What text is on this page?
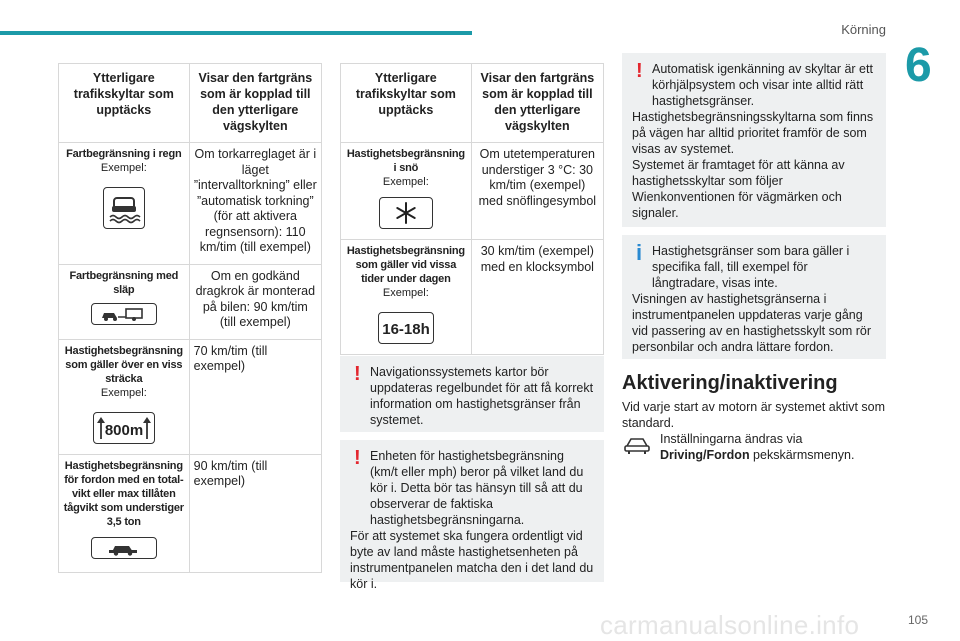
Körning
6
Ytterligare trafikskyltar som upptäcks	Visar den fartgräns som är kopplad till den ytterligare vägskylten

Fartbegränsning i regn
Exempel:	Om torkarreglaget är i läget ”intervalltorkning” eller ”automatisk torkning” (för att aktivera regnsensorn): 110 km/tim (till exempel)

Fartbegränsning med släp	Om en godkänd dragkrok är monterad på bilen: 90 km/tim (till exempel)

Hastighetsbegränsning som gäller över en viss sträcka
Exempel:
800m	70 km/tim (till exempel)

Hastighetsbegränsning för fordon med en total- vikt eller max tillåten tågvikt som understiger 3,5 ton	90 km/tim (till exempel)
Ytterligare trafikskyltar som upptäcks	Visar den fartgräns som är kopplad till den ytterligare vägskylten

Hastighetsbegränsning i snö
Exempel:	Om utetemperaturen understiger 3 °C: 30 km/tim (exempel) med snöflingesymbol

Hastighetsbegränsning som gäller vid vissa tider under dagen
Exempel:
16-18h	30 km/tim (exempel) med en klocksymbol
! Navigationssystemets kartor bör uppdateras regelbundet för att få korrekt information om hastighetsgränser från systemet.
! Enheten för hastighetsbegränsning (km/t eller mph) beror på vilket land du kör i. Detta bör tas hänsyn till så att du observerar de faktiska hastighetsbegränsningarna.
För att systemet ska fungera ordentligt vid byte av land måste hastighetsenheten på instrumentpanelen matcha den i det land du kör i.
! Automatisk igenkänning av skyltar är ett körhjälpsystem och visar inte alltid rätt hastighetsgränser.
Hastighetsbegränsningsskyltarna som finns på vägen har alltid prioritet framför de som visas av systemet.
Systemet är framtaget för att känna av hastighetsskyltar som följer Wienkonventionen för vägmärken och signaler.
i Hastighetsgränser som bara gäller i specifika fall, till exempel för långtradare, visas inte.
Visningen av hastighetsgränserna i instrumentpanelen uppdateras varje gång vid passering av en hastighetsskylt som rör personbilar och andra lättare fordon.
Aktivering/inaktivering
Vid varje start av motorn är systemet aktivt som standard.
Inställningarna ändras via
Driving/Fordon pekskärmsmenyn.
carmanualsonline.info	105
